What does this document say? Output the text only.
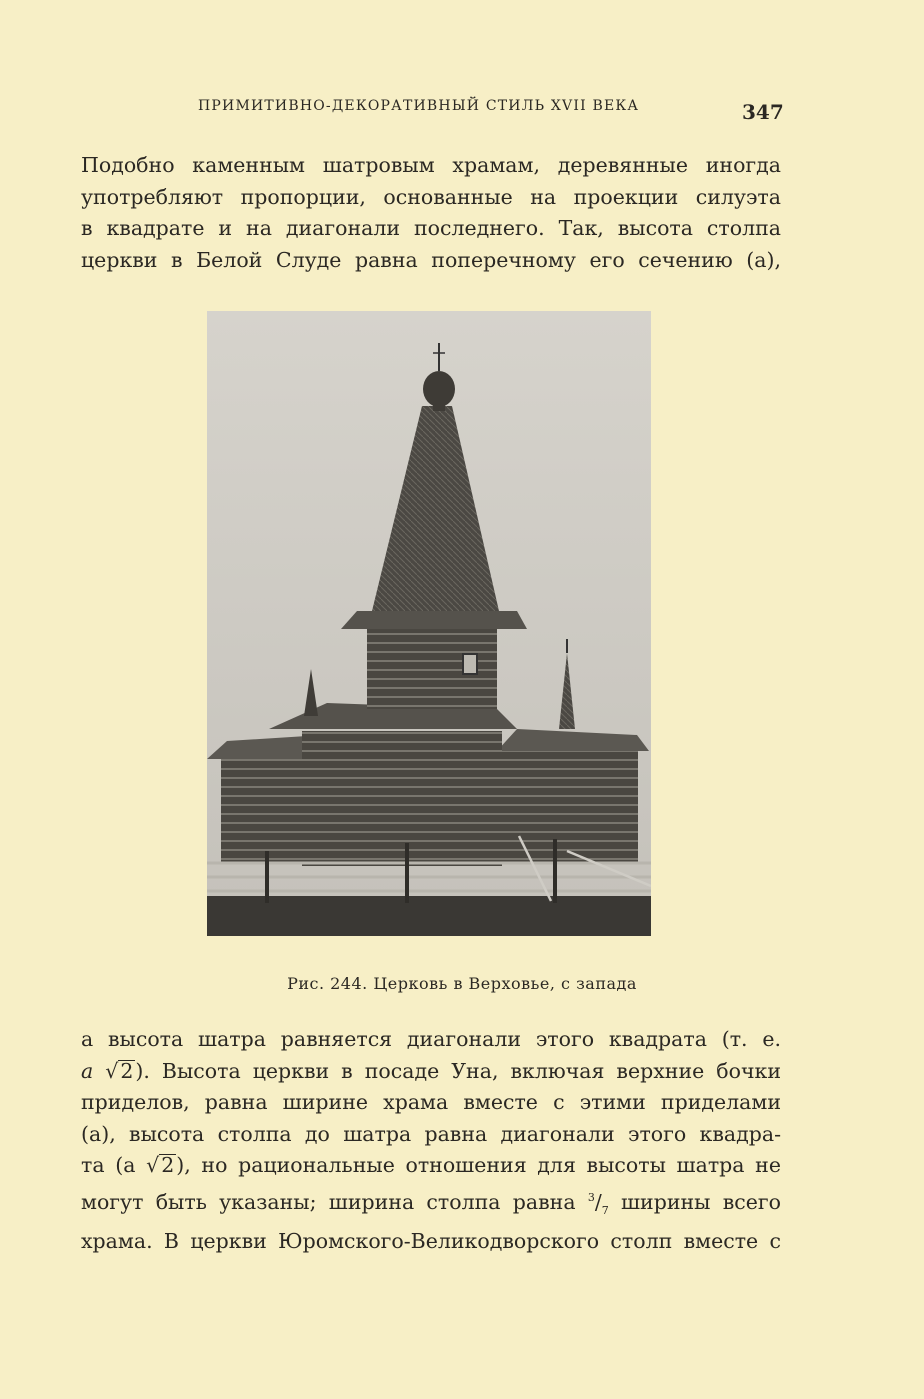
ПРИМИТИВНО-ДЕКОРАТИВНЫЙ СТИЛЬ XVII ВЕКА	347
Подобно каменным шатровым храмам, деревянные иногда
употребляют пропорции, основанные на проекции силуэта
в квадрате и на диагонали последнего. Так, высота столпа
церкви в Белой Слуде равна поперечному его сечению (а),
Рис. 244. Церковь в Верховье, с запада
а высота шатра равняется диагонали этого квадрата (т. е.
а √2). Высота церкви в посаде Уна, включая верхние бочки
приделов, равна ширине храма вместе с этими приделами
(а), высота столпа до шатра равна диагонали этого квадра-
та (а √2), но рациональные отношения для высоты шатра не
могут быть указаны; ширина столпа равна $^3/_7$ ширины всего
храма. В церкви Юромского-Великодворского столп вместе с
